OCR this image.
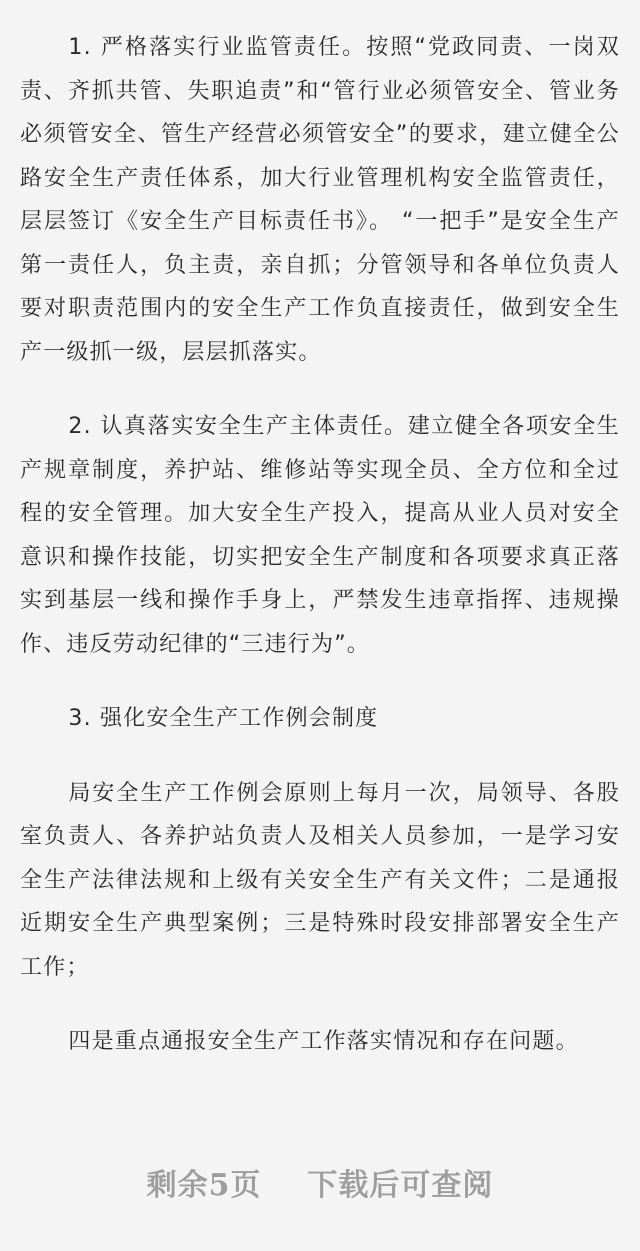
1. 严格落实行业监管责任。按照“党政同责、一岗双责、齐抓共管、失职追责”和“管行业必须管安全、管业务必须管安全、管生产经营必须管安全”的要求，建立健全公路安全生产责任体系，加大行业管理机构安全监管责任，层层签订《安全生产目标责任书》。 “一把手”是安全生产第一责任人，负主责，亲自抓；分管领导和各单位负责人要对职责范围内的安全生产工作负直接责任，做到安全生产一级抓一级，层层抓落实。

2. 认真落实安全生产主体责任。建立健全各项安全生产规章制度，养护站、维修站等实现全员、全方位和全过程的安全管理。加大安全生产投入，提高从业人员对安全意识和操作技能，切实把安全生产制度和各项要求真正落实到基层一线和操作手身上，严禁发生违章指挥、违规操作、违反劳动纪律的“三违行为”。

3. 强化安全生产工作例会制度

局安全生产工作例会原则上每月一次，局领导、各股室负责人、各养护站负责人及相关人员参加，一是学习安全生产法律法规和上级有关安全生产有关文件；二是通报近期安全生产典型案例；三是特殊时段安排部署安全生产工作；

四是重点通报安全生产工作落实情况和存在问题。

剩余5页    下载后可查阅
